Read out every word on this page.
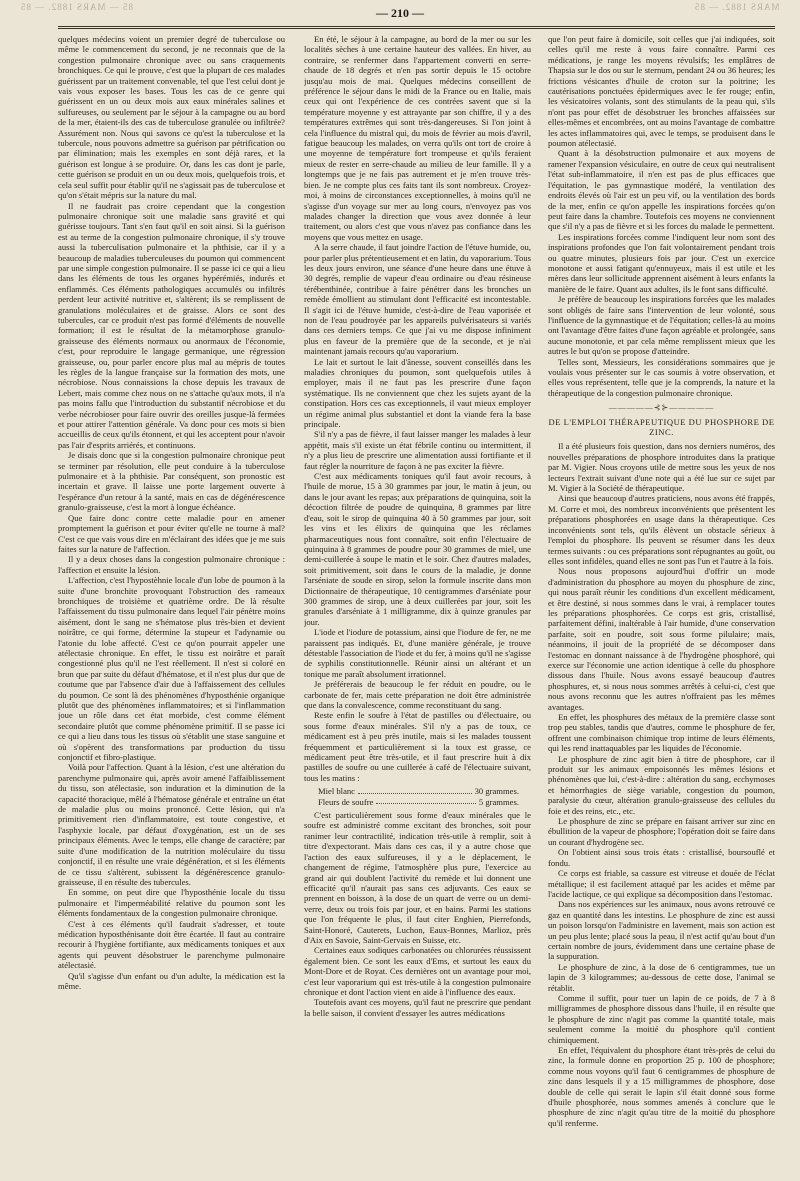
85 — MARS 1882. — 85	MARS 1882. — 85
— 210 —

quelques médecins voient un premier degré de tuberculose ou même le commencement du second, je ne reconnais que de la congestion pulmonaire chronique avec ou sans craquements bronchiques. Ce qui le prouve, c'est que la plupart de ces malades guérissent par un traitement convenable, tel que l'est celui dont je vais vous exposer les bases. Tous les cas de ce genre qui guérissent en un ou deux mois aux eaux minérales salines et sulfureuses, ou seulement par le séjour à la campagne ou au bord de la mer, étaient-ils des cas de tuberculose granulée ou infiltrée? Assurément non. Nous qui savons ce qu'est la tuberculose et la tubercule, nous pouvons admettre sa guérison par pétrification ou par élimination; mais les exemples en sont déjà rares, et la guérison est longue à se produire. Or, dans les cas dont je parle, cette guérison se produit en un ou deux mois, quelquefois trois, et cela seul suffit pour établir qu'il ne s'agissait pas de tuberculose et qu'on s'était mépris sur la nature du mal.

Il ne faudrait pas croire cependant que la congestion pulmonaire chronique soit une maladie sans gravité et qui guérisse toujours. Tant s'en faut qu'il en soit ainsi. Si la guérison est au terme de la congestion pulmonaire chronique, il s'y trouve aussi la tuberculisation pulmonaire et la phthisie, car il y a beaucoup de maladies tuberculeuses du poumon qui commencent par une simple congestion pulmonaire. Il se passe ici ce qui a lieu dans les éléments de tous les organes hypérémiés, indurés et enflammés. Ces éléments pathologiques accumulés ou infiltrés perdent leur activité nutritive et, s'altèrent; ils se remplissent de granulations moléculaires et de graisse. Alors ce sont des tubercules, car ce produit n'est pas formé d'éléments de nouvelle formation; il est le résultat de la métamorphose granulo-graisseuse des éléments normaux ou anormaux de l'économie, c'est, pour reproduire le langage germanique, une régression graisseuse, ou, pour parler encore plus mal au mépris de toutes les règles de la langue française sur la formation des mots, une nécrobiose. Nous connaissions la chose depuis les travaux de Lebert, mais comme chez nous on ne s'attache qu'aux mots, il n'a pas moins fallu que l'introduction du substantif nécrobiose et du verbe nécrobioser pour faire ouvrir des oreilles jusque-là fermées et pour attirer l'attention générale. Va donc pour ces mots si bien accueillis de ceux qu'ils étonnent, et qui les acceptent pour n'avoir pas l'air d'esprits arriérés, et continuons.

Je disais donc que si la congestion pulmonaire chronique peut se terminer par résolution, elle peut conduire à la tuberculose pulmonaire et à la phthisie. Par conséquent, son pronostic est incertain et grave. Il laisse une porte largement ouverte à l'espérance d'un retour à la santé, mais en cas de dégénérescence granulo-graisseuse, c'est la mort à longue échéance.

Que faire donc contre cette maladie pour en amener promptement la guérison et pour éviter qu'elle ne tourne à mal? C'est ce que vais vous dire en m'éclairant des idées que je me suis faites sur la nature de l'affection.

Il y a deux choses dans la congestion pulmonaire chronique : l'affection et ensuite la lésion.

L'affection, c'est l'hypostèhnie locale d'un lobe de poumon à la suite d'une bronchite provoquant l'obstruction des rameaux bronchiques de troisième et quatrième ordre. De là résulte l'affaissement du tissu pulmonaire dans lequel l'air pénètre moins aisément, dont le sang ne s'hématose plus très-bien et devient noirâtre, ce qui forme, détermine la stupeur et l'adynamie ou l'atonie du lobe affecté. C'est ce qu'on pourrait appeler une atélectasie chronique. En effet, le tissu est noirâtre et paraît congestionné plus qu'il ne l'est réellement. Il n'est si coloré en brun que par suite du défaut d'hématose, et il n'est plus dur que de coutume que par l'absence d'air due à l'affaissement des cellules du poumon. Ce sont là des phénomènes d'hyposthénie organique plutôt que des phénomènes inflammatoires; et si l'inflammation joue un rôle dans cet état morbide, c'est comme élément secondaire plutôt que comme phénomène primitif. Il se passe ici ce qui a lieu dans tous les tissus où s'établit une stase sanguine et où s'opèrent des transformations par production du tissu conjonctif et fibro-plastique.

Voilà pour l'affection. Quant à la lésion, c'est une altération du parenchyme pulmonaire qui, après avoir amené l'affaiblissement du tissu, son atélectasie, son induration et la diminution de la capacité thoracique, mêlé à l'hématose générale et entraîne un état de maladie plus ou moins prononcé. Cette lésion, qui n'a primitivement rien d'inflammatoire, est toute congestive, et l'asphyxie locale, par défaut d'oxygénation, est un de ses principaux éléments. Avec le temps, elle change de caractère; par suite d'une modification de la nutrition moléculaire du tissu conjonctif, il en résulte une vraie dégénération, et si les éléments de ce tissu s'altèrent, subissent la dégénérescence granulo-graisseuse, il en résulte des tubercules.

En somme, on peut dire que l'hyposthénie locale du tissu pulmonaire et l'imperméabilité relative du poumon sont les éléments fondamentaux de la congestion pulmonaire chronique.

C'est à ces éléments qu'il faudrait s'adresser, et toute médication hyposthénisante doit être écartée. Il faut au contraire recourir à l'hygiène fortifiante, aux médicaments toniques et aux agents qui peuvent désobstruer le parenchyme pulmonaire atélectasié.

Qu'il s'agisse d'un enfant ou d'un adulte, la médication est la même.

En été, le séjour à la campagne, au bord de la mer ou sur les localités sèches à une certaine hauteur des vallées. En hiver, au contraire, se renfermer dans l'appartement converti en serre-chaude de 18 degrés et n'en pas sortir depuis le 15 octobre jusqu'au mois de mai. Quelques médecins conseillent de préférence le séjour dans le midi de la France ou en Italie, mais ceux qui ont l'expérience de ces contrées savent que si la température moyenne y est attrayante par son chiffre, il y a des températures extrêmes qui sont très-dangereuses. Si l'on joint à cela l'influence du mistral qui, du mois de février au mois d'avril, fatigue beaucoup les malades, on verra qu'ils ont tort de croire à une moyenne de température fort trompeuse et qu'ils feraient mieux de rester en serre-chaude au milieu de leur famille. Il y a longtemps que je ne fais pas autrement et je m'en trouve très-bien. Je ne compte plus ces faits tant ils sont nombreux. Croyez-moi, à moins de circonstances exceptionnelles, à moins qu'il ne s'agisse d'un voyage sur mer au long cours, n'envoyez pas vos malades changer la direction que vous avez donnée à leur traitement, ou alors c'est que vous n'avez pas confiance dans les moyens que vous mettez en usage.

A la serre chaude, il faut joindre l'action de l'étuve humide, ou, pour parler plus prétentieusement et en latin, du vaporarium. Tous les deux jours environ, une séance d'une heure dans une étuve à 30 degrés, remplie de vapeur d'eau ordinaire ou d'eau résineuse térébenthinée, contribue à faire pénétrer dans les bronches un remède émollient au stimulant dont l'efficacité est incontestable. Il s'agit ici de l'étuve humide, c'est-à-dire de l'eau vaporisée et non de l'eau poudroyée par les appareils pulvérisateurs si variés dans ces derniers temps. Ce que j'ai vu me dispose infiniment plus en faveur de la première que de la seconde, et je n'ai maintenant jamais recours qu'au vaporarium.

Le lait et surtout le lait d'ânesse, souvent conseillés dans les maladies chroniques du poumon, sont quelquefois utiles à employer, mais il ne faut pas les prescrire d'une façon systématique. Ils ne conviennent que chez les sujets ayant de la constipation. Hors ces cas exceptionnels, il vaut mieux employer un régime animal plus substantiel et dont la viande fera la base principale.

S'il n'y a pas de fièvre, il faut laisser manger les malades à leur appétit, mais s'il existe un état fébrile continu ou intermittent, il n'y a plus lieu de prescrire une alimentation aussi fortifiante et il faut régler la nourriture de façon à ne pas exciter la fièvre.

C'est aux médicaments toniques qu'il faut avoir recours, à l'huile de morue, 15 à 30 grammes par jour, le matin à jeun, ou dans le jour avant les repas; aux préparations de quinquina, soit la décoction filtrée de poudre de quinquina, 8 grammes par litre d'eau, soit le sirop de quinquina 40 à 50 grammes par jour, soit les vins et les élixirs de quinquina que les réclames pharmaceutiques nous font connaître, soit enfin l'électuaire de quinquina à 8 grammes de poudre pour 30 grammes de miel, une demi-cuillerée à soupe le matin et le soir. Chez d'autres malades, soit primitivement, soit dans le cours de la maladie, je donne l'arséniate de soude en sirop, selon la formule inscrite dans mon Dictionnaire de thérapeutique, 10 centigrammes d'arséniate pour 300 grammes de sirop, une à deux cuillerées par jour, soit les granules d'arséniate à 1 milligramme, dix à quinze granules par jour.

L'iode et l'iodure de potassium, ainsi que l'iodure de fer, ne me paraissent pas indiqués. Et, d'une manière générale, je trouve détestable l'association de l'iode et du fer, à moins qu'il ne s'agisse de syphilis constitutionnelle. Réunir ainsi un altérant et un tonique me paraît absolument irrationnel.

Je préférerais de beaucoup le fer réduit en poudre, ou le carbonate de fer, mais cette préparation ne doit être administrée que dans la convalescence, comme reconstituant du sang.

Reste enfin le soufre à l'état de pastilles ou d'électuaire, ou sous forme d'eaux minérales. S'il n'y a pas de toux, ce médicament est à peu près inutile, mais si les malades toussent fréquemment et particulièrement si la toux est grasse, ce médicament peut être très-utile, et il faut prescrire huit à dix pastilles de soufre ou une cuillerée à café de l'électuaire suivant, tous les matins :

Miel blanc	30 grammes.
Fleurs de soufre	5 grammes.

C'est particulièrement sous forme d'eaux minérales que le soufre est administré comme excitant des bronches, soit pour ranimer leur contractilité, indication très-utile à remplir, soit à titre d'expectorant. Mais dans ces cas, il y a autre chose que l'action des eaux sulfureuses, il y a le déplacement, le changement de régime, l'atmosphère plus pure, l'exercice au grand air qui doublent l'activité du remède et lui donnent une efficacité qu'il n'aurait pas sans ces adjuvants. Ces eaux se prennent en boisson, à la dose de un quart de verre ou un demi-verre, deux ou trois fois par jour, et en bains. Parmi les stations que l'on fréquente le plus, il faut citer Enghien, Pierrefonds, Saint-Honoré, Cauterets, Luchon, Eaux-Bonnes, Marlioz, près d'Aix en Savoie, Saint-Gervais en Suisse, etc.

Certaines eaux sodiques carbonatées ou chlorurées réussissent également bien. Ce sont les eaux d'Ems, et surtout les eaux du Mont-Dore et de Royat. Ces dernières ont un avantage pour moi, c'est leur vaporarium qui est très-utile à la congestion pulmonaire chronique et dont l'action vient en aide à l'influence des eaux.

Toutefois avant ces moyens, qu'il faut ne prescrire que pendant la belle saison, il convient d'essayer les autres médications

que l'on peut faire à domicile, soit celles que j'ai indiquées, soit celles qu'il me reste à vous faire connaître. Parmi ces médications, je range les moyens révulsifs; les emplâtres de Thapsia sur le dos ou sur le sternum, pendant 24 ou 36 heures; les frictions vésicantes d'huile de croton sur la poitrine; les cautérisations ponctuées épidermiques avec le fer rouge; enfin, les vésicatoires volants, sont des stimulants de la peau qui, s'ils n'ont pas pour effet de désobstruer les bronches affaissées sur elles-mêmes et encombrées, ont au moins l'avantage de combattre les actes inflammatoires qui, avec le temps, se produisent dans le poumon atélectasié.

Quant à la désobstruction pulmonaire et aux moyens de ramener l'expansion vésiculaire, en outre de ceux qui neutralisent l'état sub-inflammatoire, il n'en est pas de plus efficaces que l'équitation, le pas gymnastique modéré, la ventilation des endroits élevés où l'air est un peu vif, ou la ventilation des bords de la mer, enfin ce qu'on appelle les inspirations forcées qu'on peut faire dans la chambre. Toutefois ces moyens ne conviennent que s'il n'y a pas de fièvre et si les forces du malade le permettent.

Les inspirations forcées comme l'indiquent leur nom sont des inspirations profondes que l'on fait volontairement pendant trois ou quatre minutes, plusieurs fois par jour. C'est un exercice monotone et aussi fatigant qu'ennuyeux, mais il est utile et les mères dans leur sollicitude apprennent aisément à leurs enfants la manière de le faire. Quant aux adultes, ils le font sans difficulté.

Je préfère de beaucoup les inspirations forcées que les malades sont obligés de faire sans l'intervention de leur volonté, sous l'influence de la gymnastique et de l'équitation; celles-là au moins ont l'avantage d'être faites d'une façon agréable et prolongée, sans aucune monotonie, et par cela même remplissent mieux que les autres le but qu'on se propose d'atteindre.

Telles sont, Messieurs, les considérations sommaires que je voulais vous présenter sur le cas soumis à votre observation, et elles vous représentent, telle que je la comprends, la nature et la thérapeutique de la congestion pulmonaire chronique.

—————⊰⊱—————
DE L'EMPLOI THÉRAPEUTIQUE DU PHOSPHORE DE ZINC.

Il a été plusieurs fois question, dans nos derniers numéros, des nouvelles préparations de phosphore introduites dans la pratique par M. Vigier. Nous croyons utile de mettre sous les yeux de nos lecteurs l'extrait suivant d'une note qui a été lue sur ce sujet par M. Vigier à la Société de thérapeutique.

Ainsi que beaucoup d'autres praticiens, nous avons été frappés, M. Corre et moi, des nombreux inconvénients que présentent les préparations phosphorées en usage dans la thérapeutique. Ces inconvénients sont tels, qu'ils élèvent un obstacle sérieux à l'emploi du phosphore. Ils peuvent se résumer dans les deux termes suivants : ou ces préparations sont répugnantes au goût, ou elles sont infidèles, quand elles ne sont pas l'un et l'autre à la fois.

Nous nous proposons aujourd'hui d'offrir un mode d'administration du phosphore au moyen du phosphure de zinc, qui nous paraît réunir les conditions d'un excellent médicament, et être destiné, si nous sommes dans le vrai, à remplacer toutes les préparations phosphorées. Ce corps est gris, cristallisé, parfaitement défini, inaltérable à l'air humide, d'une conservation parfaite, soit en poudre, soit sous forme pilulaire; mais, néanmoins, il jouit de la propriété de se décomposer dans l'estomac en donnant naissance à de l'hydrogène phosphoré, qui exerce sur l'économie une action identique à celle du phosphore dissous dans l'huile. Nous avons essayé beaucoup d'autres phosphures, et, si nous nous sommes arrêtés à celui-ci, c'est que nous avons reconnu que les autres n'offraient pas les mêmes avantages.

En effet, les phosphures des métaux de la première classe sont trop peu stables, tandis que d'autres, comme le phosphure de fer, offrent une combinaison chimique trop intime de leurs éléments, qui les rend inattaquables par les liquides de l'économie.

Le phosphure de zinc agit bien à titre de phosphore, car il produit sur les animaux empoisonnés les mêmes lésions et phénomènes que lui, c'est-à-dire : altération du sang, ecchymoses et hémorrhagies de siège variable, congestion du poumon, paralysie du cœur, altération granulo-graisseuse des cellules du foie et des reins, etc., etc.

Le phosphure de zinc se prépare en faisant arriver sur zinc en ébullition de la vapeur de phosphore; l'opération doit se faire dans un courant d'hydrogène sec.

On l'obtient ainsi sous trois états : cristallisé, boursouflé et fondu.

Ce corps est friable, sa cassure est vitreuse et douée de l'éclat métallique; il est facilement attaqué par les acides et même par l'acide lactique, ce qui explique sa décomposition dans l'estomac.

Dans nos expériences sur les animaux, nous avons retrouvé ce gaz en quantité dans les intestins. Le phosphure de zinc est aussi un poison lorsqu'on l'administre en lavement, mais son action est un peu plus lente; placé sous la peau, il n'est actif qu'au bout d'un certain nombre de jours, évidemment dans une certaine phase de la suppuration.

Le phosphure de zinc, à la dose de 6 centigrammes, tue un lapin de 3 kilogrammes; au-dessous de cette dose, l'animal se rétablit.

Comme il suffit, pour tuer un lapin de ce poids, de 7 à 8 milligrammes de phosphore dissous dans l'huile, il en résulte que le phosphure de zinc n'agit pas comme la quantité totale, mais seulement comme la moitié du phosphore qu'il contient chimiquement.

En effet, l'équivalent du phosphore étant très-près de celui du zinc, la formule donne en proportion 25 p. 100 de phosphore; comme nous voyons qu'il faut 6 centigrammes de phosphure de zinc dans lesquels il y a 15 milligrammes de phosphore, dose double de celle qui serait le lapin s'il était donné sous forme d'huile phosphorée, nous sommes amenés à conclure que le phosphure de zinc n'agit qu'au titre de la moitié du phosphore qu'il renferme.
